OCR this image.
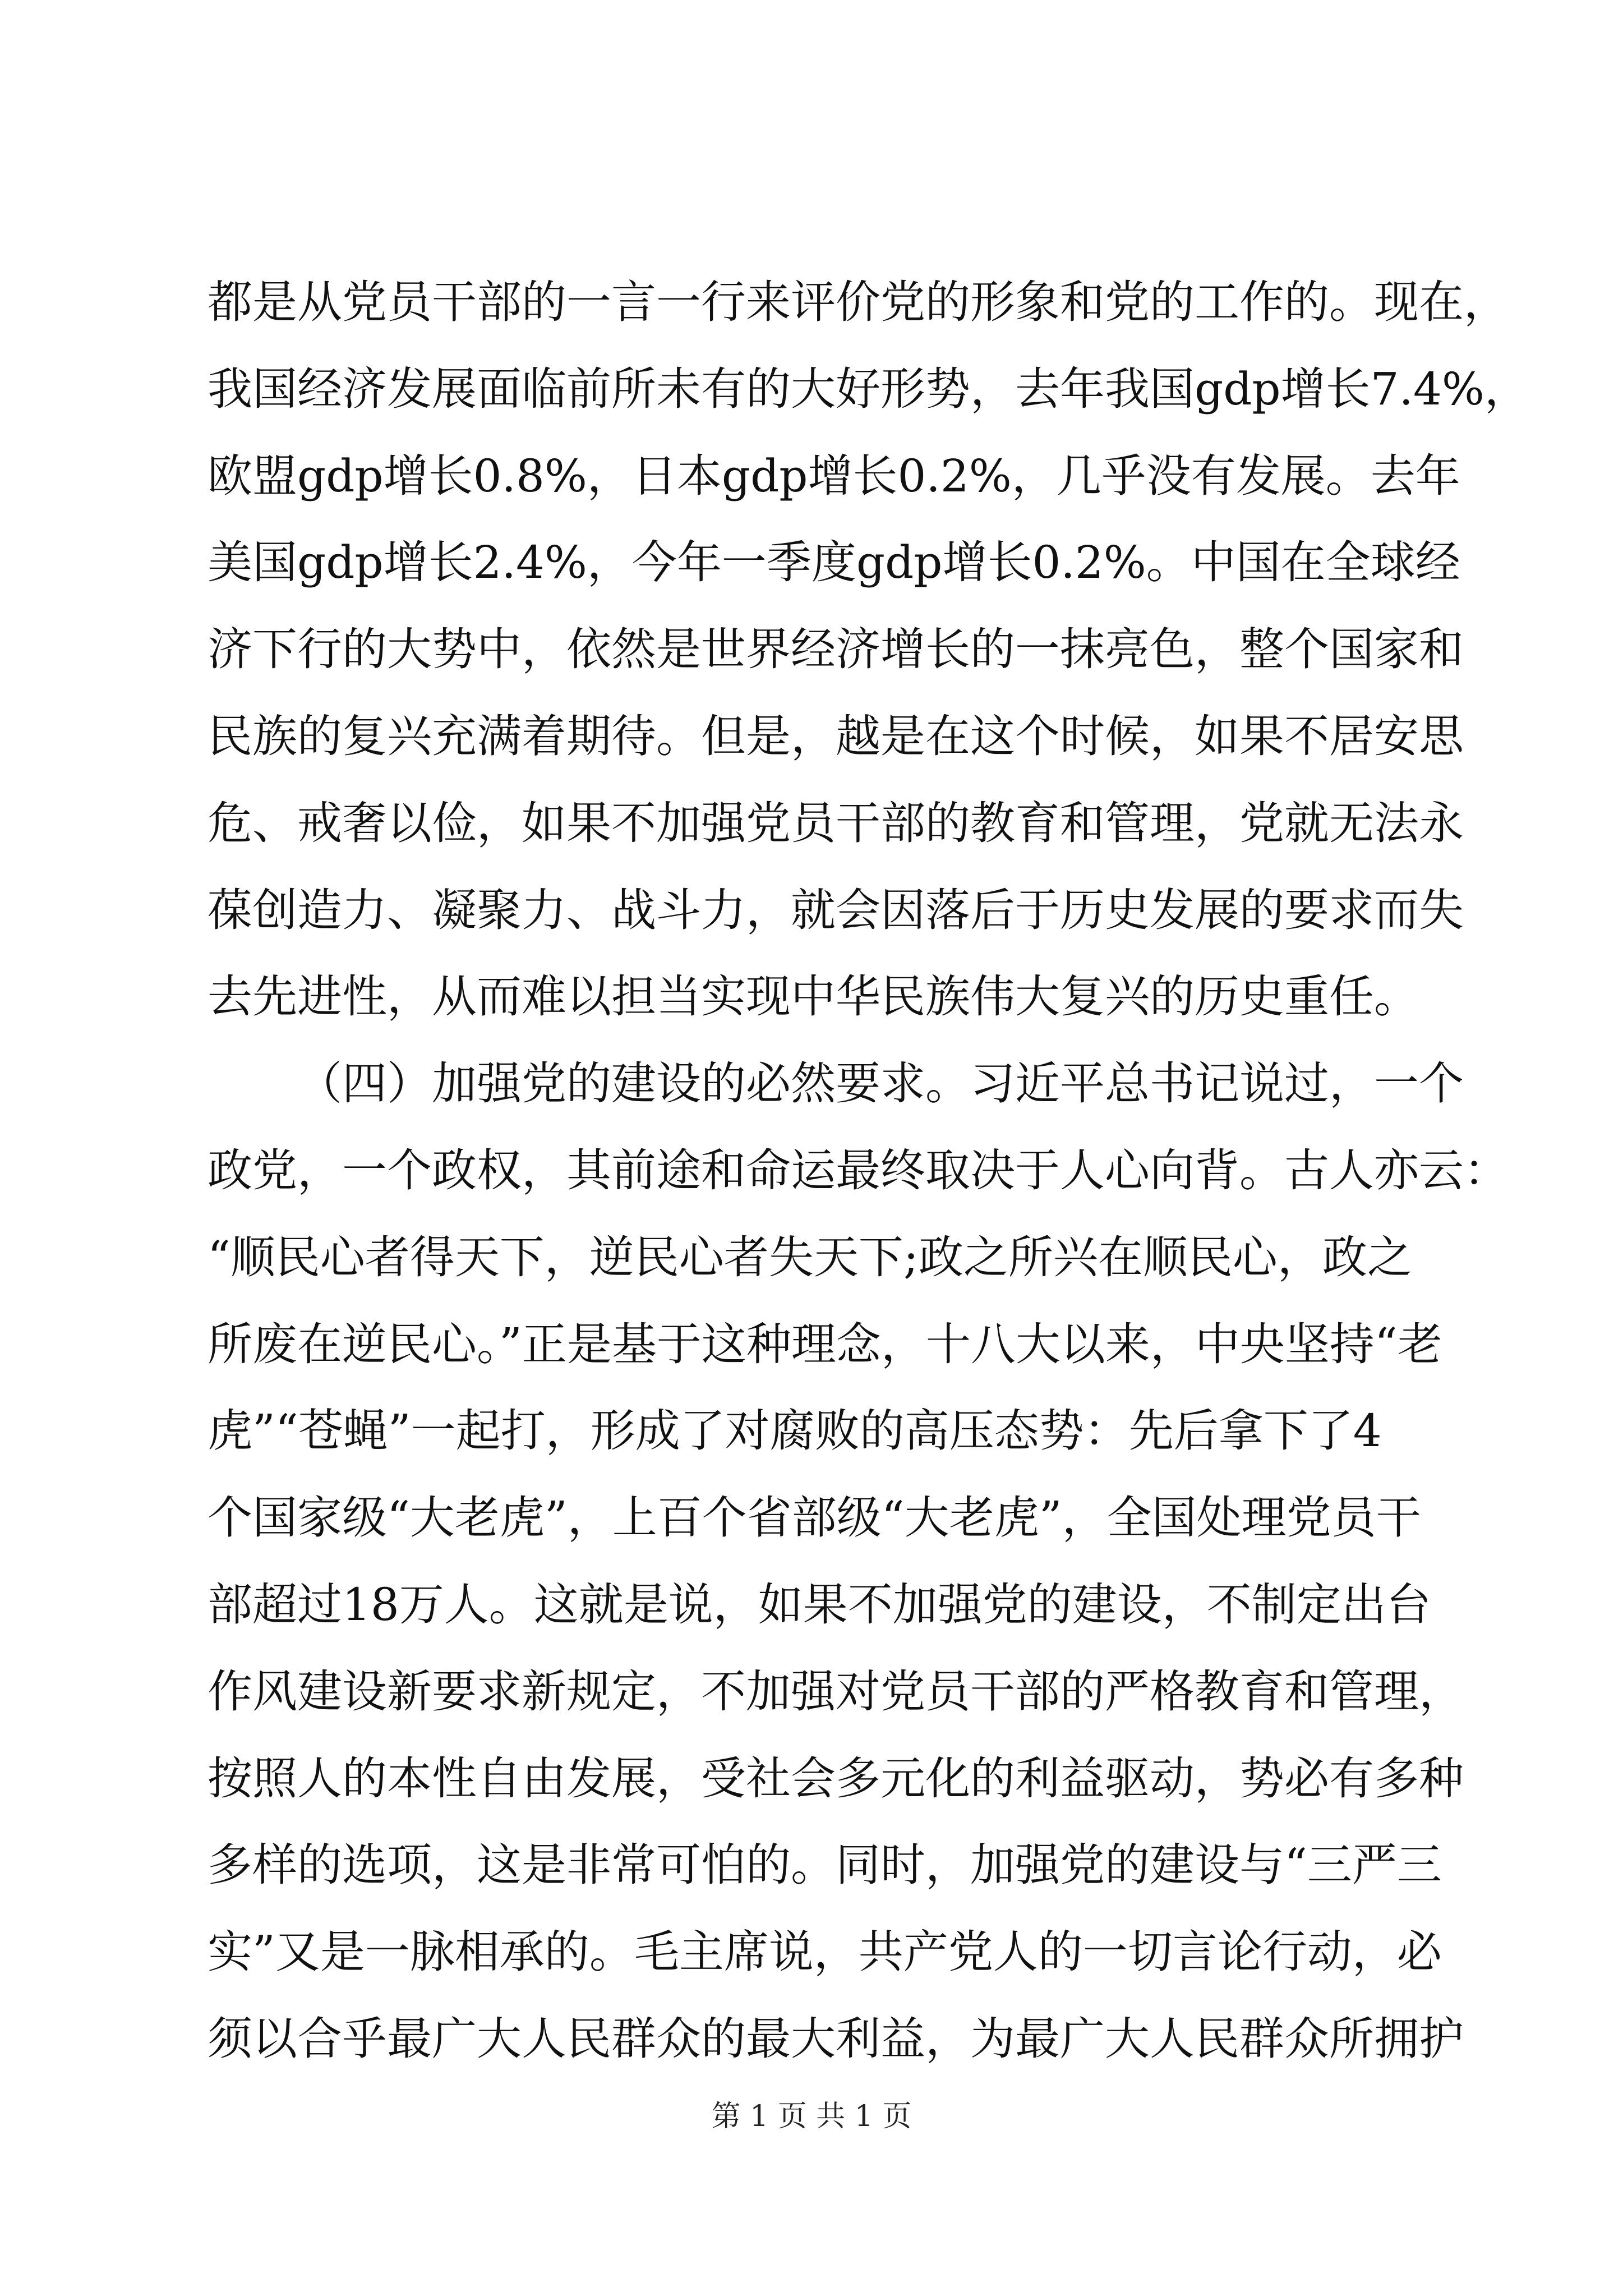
都是从党员干部的一言一行来评价党的形象和党的工作的。现在，
我国经济发展面临前所未有的大好形势，去年我国gdp增长7.4%，
欧盟gdp增长0.8%，日本gdp增长0.2%，几乎没有发展。去年
美国gdp增长2.4%，今年一季度gdp增长0.2%。中国在全球经
济下行的大势中，依然是世界经济增长的一抹亮色，整个国家和
民族的复兴充满着期待。但是，越是在这个时候，如果不居安思
危、戒奢以俭，如果不加强党员干部的教育和管理，党就无法永
葆创造力、凝聚力、战斗力，就会因落后于历史发展的要求而失
去先进性，从而难以担当实现中华民族伟大复兴的历史重任。
（四）加强党的建设的必然要求。习近平总书记说过，一个
政党，一个政权，其前途和命运最终取决于人心向背。古人亦云：
“顺民心者得天下，逆民心者失天下;政之所兴在顺民心，政之
所废在逆民心。”正是基于这种理念，十八大以来，中央坚持“老
虎”“苍蝇”一起打，形成了对腐败的高压态势：先后拿下了4
个国家级“大老虎”，上百个省部级“大老虎”，全国处理党员干
部超过18万人。这就是说，如果不加强党的建设，不制定出台
作风建设新要求新规定，不加强对党员干部的严格教育和管理，
按照人的本性自由发展，受社会多元化的利益驱动，势必有多种
多样的选项，这是非常可怕的。同时，加强党的建设与“三严三
实”又是一脉相承的。毛主席说，共产党人的一切言论行动，必
须以合乎最广大人民群众的最大利益，为最广大人民群众所拥护
第 1 页 共 1 页
